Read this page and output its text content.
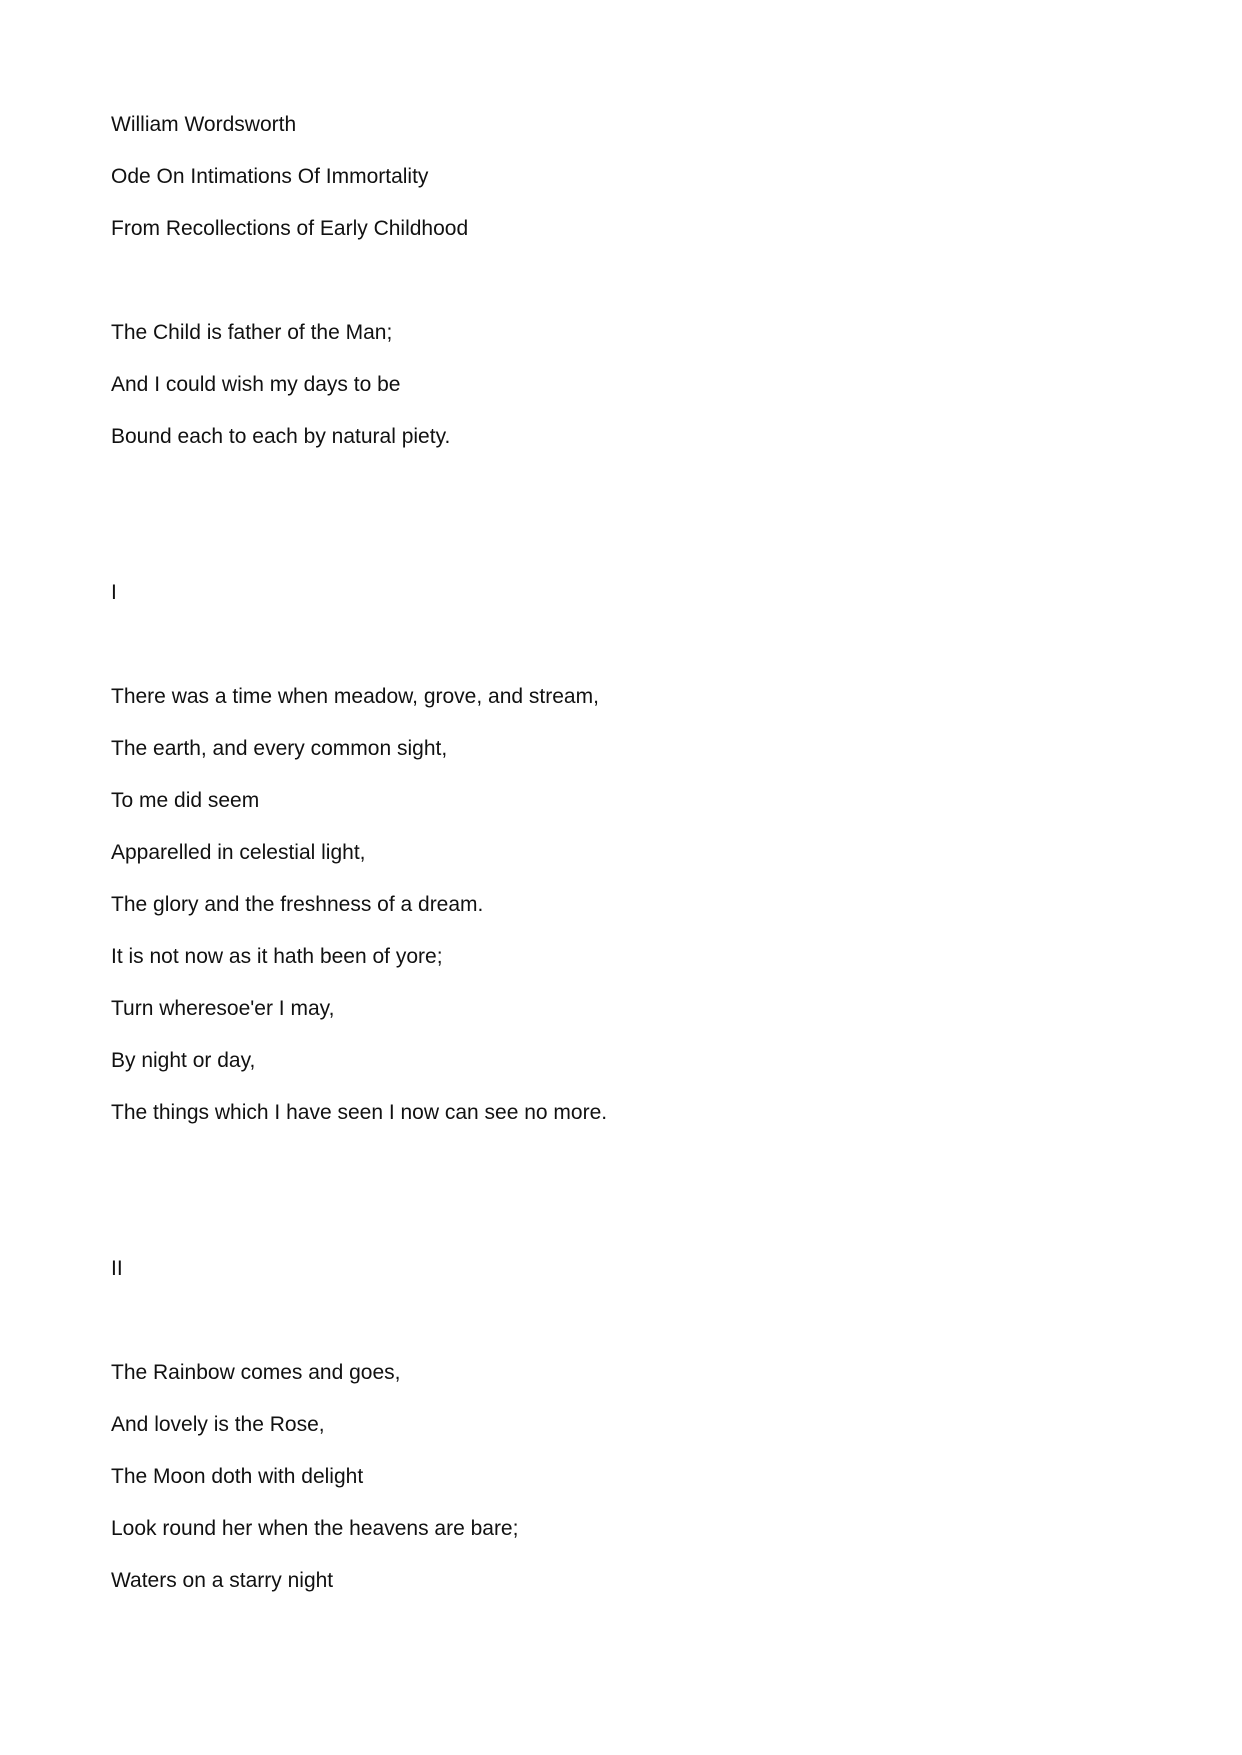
William Wordsworth
Ode On Intimations Of Immortality
From Recollections of Early Childhood
The Child is father of the Man;
And I could wish my days to be
Bound each to each by natural piety.
I
There was a time when meadow, grove, and stream,
The earth, and every common sight,
To me did seem
Apparelled in celestial light,
The glory and the freshness of a dream.
It is not now as it hath been of yore;
Turn wheresoe'er I may,
By night or day,
The things which I have seen I now can see no more.
II
The Rainbow comes and goes,
And lovely is the Rose,
The Moon doth with delight
Look round her when the heavens are bare;
Waters on a starry night
